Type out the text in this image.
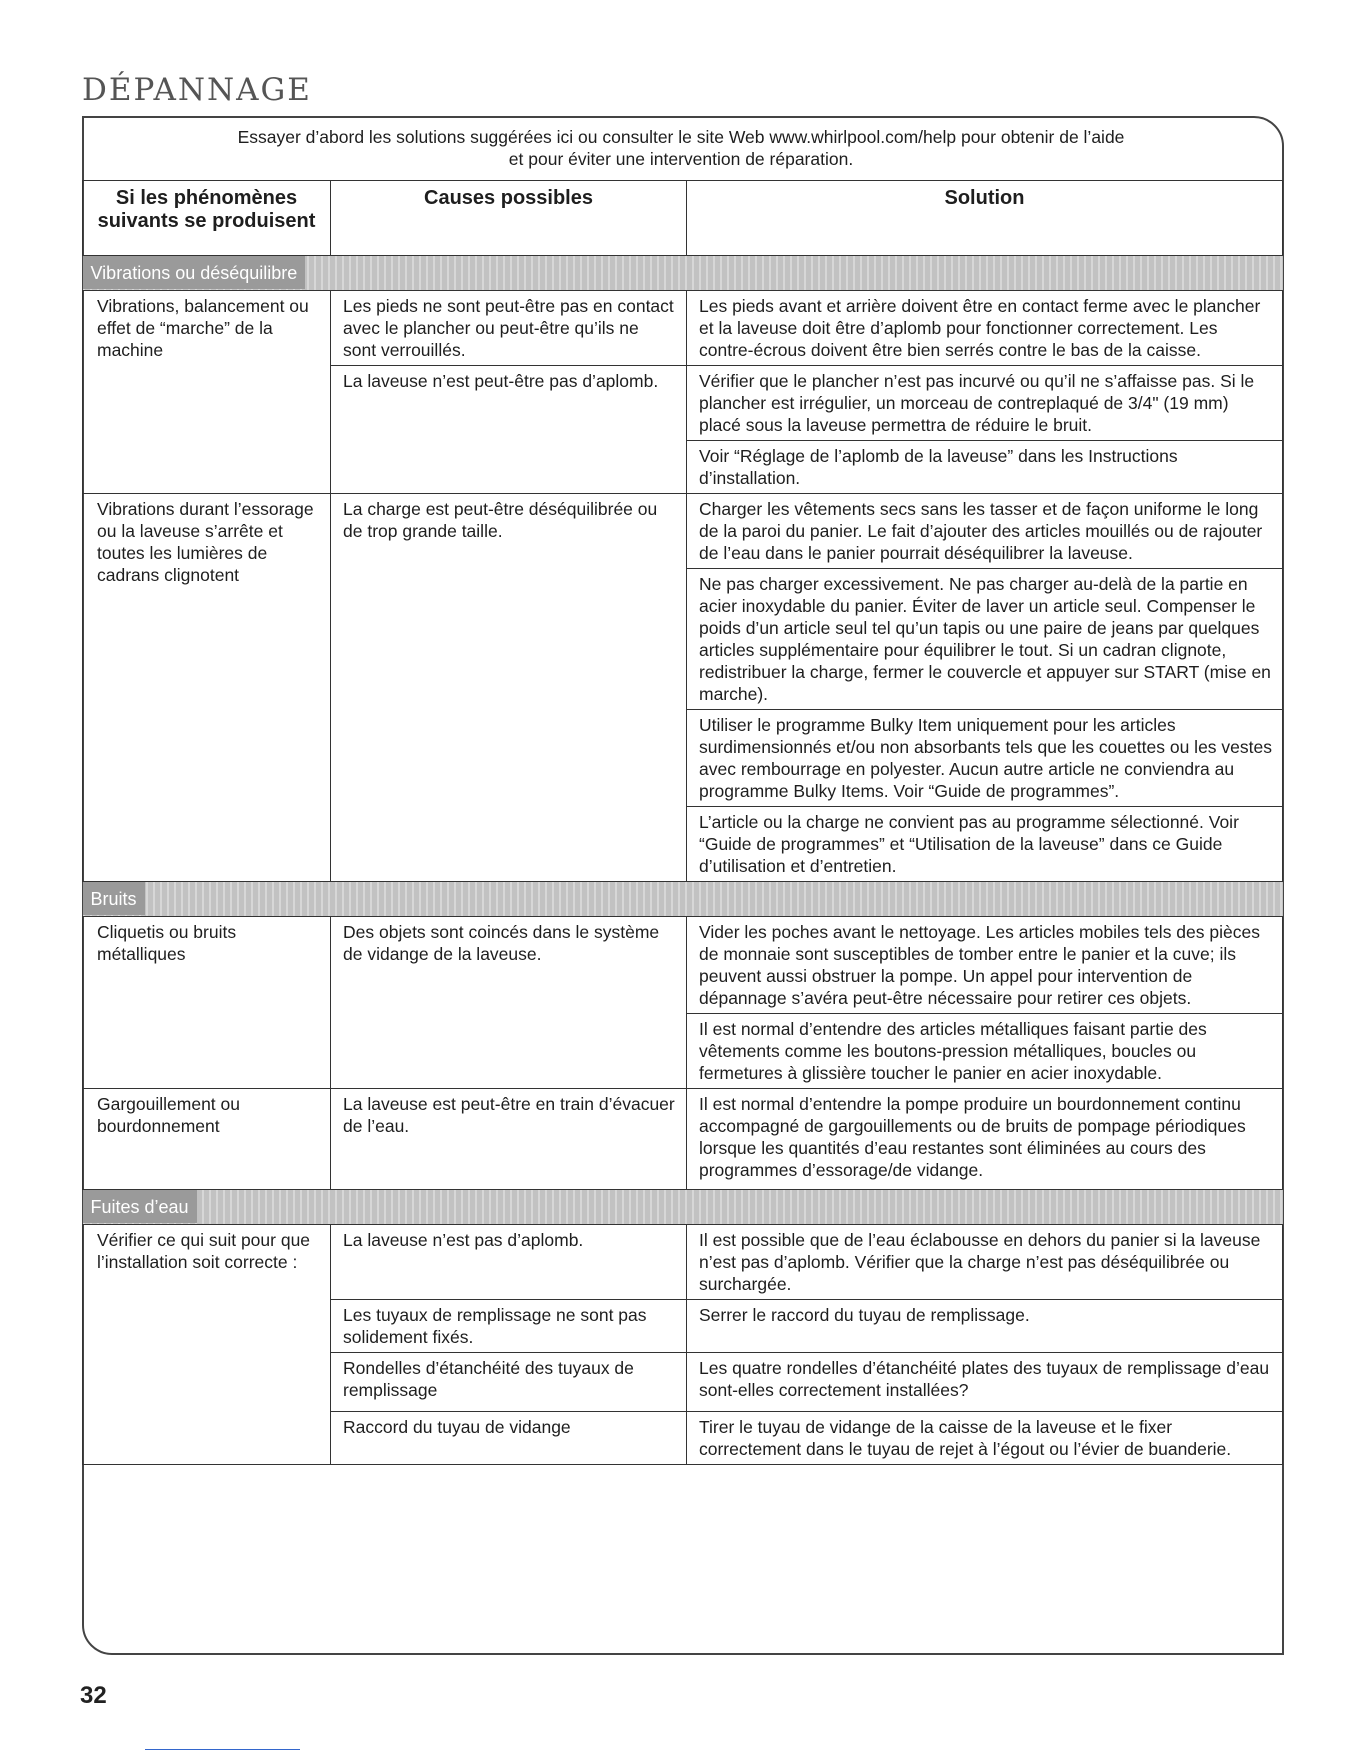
DÉPANNAGE
Essayer d’abord les solutions suggérées ici ou consulter le site Web www.whirlpool.com/help pour obtenir de l’aide
et pour éviter une intervention de réparation.
Si les phénomènes suivants se produisent	Causes possibles	Solution
Vibrations ou déséquilibre		
Vibrations, balancement ou effet de “marche” de la machine	Les pieds ne sont peut-être pas en contact avec le plancher ou peut-être qu’ils ne sont verrouillés.	Les pieds avant et arrière doivent être en contact ferme avec le plancher et la laveuse doit être d’aplomb pour fonctionner correctement. Les contre-écrous doivent être bien serrés contre le bas de la caisse.
	La laveuse n’est peut-être pas d’aplomb.	Vérifier que le plancher n’est pas incurvé ou qu’il ne s’affaisse pas. Si le plancher est irrégulier, un morceau de contreplaqué de 3/4" (19 mm) placé sous la laveuse permettra de réduire le bruit.
		Voir “Réglage de l’aplomb de la laveuse” dans les Instructions d’installation.
Vibrations durant l’essorage ou la laveuse s’arrête et toutes les lumières de cadrans clignotent	La charge est peut-être déséquilibrée ou de trop grande taille.	Charger les vêtements secs sans les tasser et de façon uniforme le long de la paroi du panier. Le fait d’ajouter des articles mouillés ou de rajouter de l’eau dans le panier pourrait déséquilibrer la laveuse.
		Ne pas charger excessivement. Ne pas charger au-delà de la partie en acier inoxydable du panier. Éviter de laver un article seul. Compenser le poids d’un article seul tel qu’un tapis ou une paire de jeans par quelques articles supplémentaire pour équilibrer le tout. Si un cadran clignote, redistribuer la charge, fermer le couvercle et appuyer sur START (mise en marche).
		Utiliser le programme Bulky Item uniquement pour les articles surdimensionnés et/ou non absorbants tels que les couettes ou les vestes avec rembourrage en polyester. Aucun autre article ne conviendra au programme Bulky Items. Voir “Guide de programmes”.
		L’article ou la charge ne convient pas au programme sélectionné. Voir “Guide de programmes” et “Utilisation de la laveuse” dans ce Guide d’utilisation et d’entretien.
Bruits		
Cliquetis ou bruits métalliques	Des objets sont coincés dans le système de vidange de la laveuse.	Vider les poches avant le nettoyage. Les articles mobiles tels des pièces de monnaie sont susceptibles de tomber entre le panier et la cuve; ils peuvent aussi obstruer la pompe. Un appel pour intervention de dépannage s’avéra peut-être nécessaire pour retirer ces objets.
		Il est normal d’entendre des articles métalliques faisant partie des vêtements comme les boutons-pression métalliques, boucles ou fermetures à glissière toucher le panier en acier inoxydable.
Gargouillement ou bourdonnement	La laveuse est peut-être en train d’évacuer de l’eau.	Il est normal d’entendre la pompe produire un bourdonnement continu accompagné de gargouillements ou de bruits de pompage périodiques lorsque les quantités d’eau restantes sont éliminées au cours des programmes d’essorage/de vidange.
Fuites d’eau		
Vérifier ce qui suit pour que l’installation soit correcte :	La laveuse n’est pas d’aplomb.	Il est possible que de l’eau éclabousse en dehors du panier si la laveuse n’est pas d’aplomb. Vérifier que la charge n’est pas déséquilibrée ou surchargée.
	Les tuyaux de remplissage ne sont pas solidement fixés.	Serrer le raccord du tuyau de remplissage.
	Rondelles d’étanchéité des tuyaux de remplissage	Les quatre rondelles d’étanchéité plates des tuyaux de remplissage d’eau sont-elles correctement installées?
	Raccord du tuyau de vidange	Tirer le tuyau de vidange de la caisse de la laveuse et le fixer correctement dans le tuyau de rejet à l’égout ou l’évier de buanderie.
32
